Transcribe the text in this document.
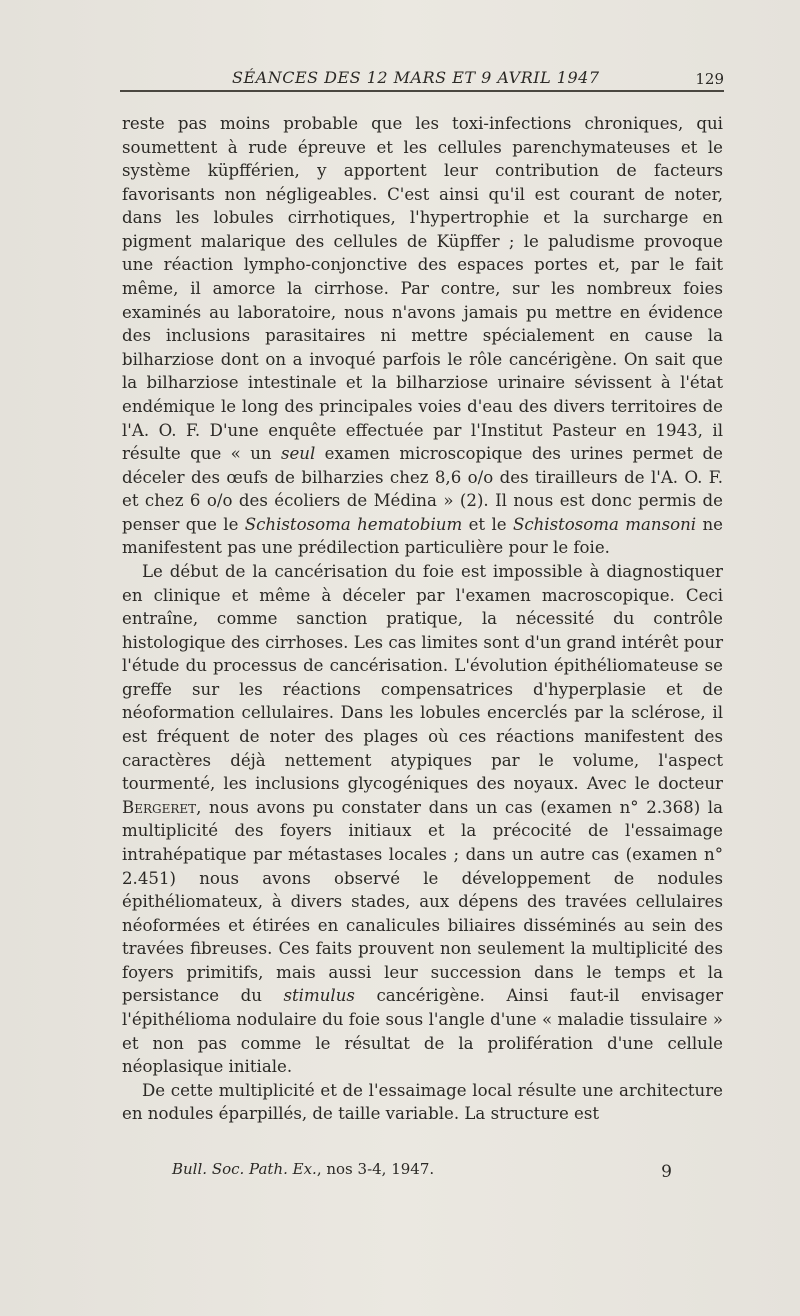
SÉANCES DES 12 MARS ET 9 AVRIL 1947	129

reste pas moins probable que les toxi-infections chroniques, qui soumettent à rude épreuve et les cellules parenchymateuses et le système küpfférien, y apportent leur contribution de facteurs favorisants non négligeables. C'est ainsi qu'il est courant de noter, dans les lobules cirrhotiques, l'hypertrophie et la surcharge en pigment malarique des cellules de Küpffer ; le paludisme provoque une réaction lympho-conjonctive des espaces portes et, par le fait même, il amorce la cirrhose. Par contre, sur les nombreux foies examinés au laboratoire, nous n'avons jamais pu mettre en évidence des inclusions parasitaires ni mettre spécialement en cause la bilharziose dont on a invoqué parfois le rôle cancérigène. On sait que la bilharziose intestinale et la bilharziose urinaire sévissent à l'état endémique le long des principales voies d'eau des divers territoires de l'A. O. F. D'une enquête effectuée par l'Institut Pasteur en 1943, il résulte que « un seul examen microscopique des urines permet de déceler des œufs de bilharzies chez 8,6 o/o des tirailleurs de l'A. O. F. et chez 6 o/o des écoliers de Médina » (2). Il nous est donc permis de penser que le Schistosoma hematobium et le Schistosoma mansoni ne manifestent pas une prédilection particulière pour le foie.

Le début de la cancérisation du foie est impossible à diagnostiquer en clinique et même à déceler par l'examen macroscopique. Ceci entraîne, comme sanction pratique, la nécessité du contrôle histologique des cirrhoses. Les cas limites sont d'un grand intérêt pour l'étude du processus de cancérisation. L'évolution épithéliomateuse se greffe sur les réactions compensatrices d'hyperplasie et de néoformation cellulaires. Dans les lobules encerclés par la sclérose, il est fréquent de noter des plages où ces réactions manifestent des caractères déjà nettement atypiques par le volume, l'aspect tourmenté, les inclusions glycogéniques des noyaux. Avec le docteur Bergeret, nous avons pu constater dans un cas (examen n° 2.368) la multiplicité des foyers initiaux et la précocité de l'essaimage intrahépatique par métastases locales ; dans un autre cas (examen n° 2.451) nous avons observé le développement de nodules épithéliomateux, à divers stades, aux dépens des travées cellulaires néoformées et étirées en canalicules biliaires disséminés au sein des travées fibreuses. Ces faits prouvent non seulement la multiplicité des foyers primitifs, mais aussi leur succession dans le temps et la persistance du stimulus cancérigène. Ainsi faut-il envisager l'épithélioma nodulaire du foie sous l'angle d'une « maladie tissulaire » et non pas comme le résultat de la prolifération d'une cellule néoplasique initiale.

De cette multiplicité et de l'essaimage local résulte une architecture en nodules éparpillés, de taille variable. La structure est

Bull. Soc. Path. Ex., nos 3-4, 1947.	9
